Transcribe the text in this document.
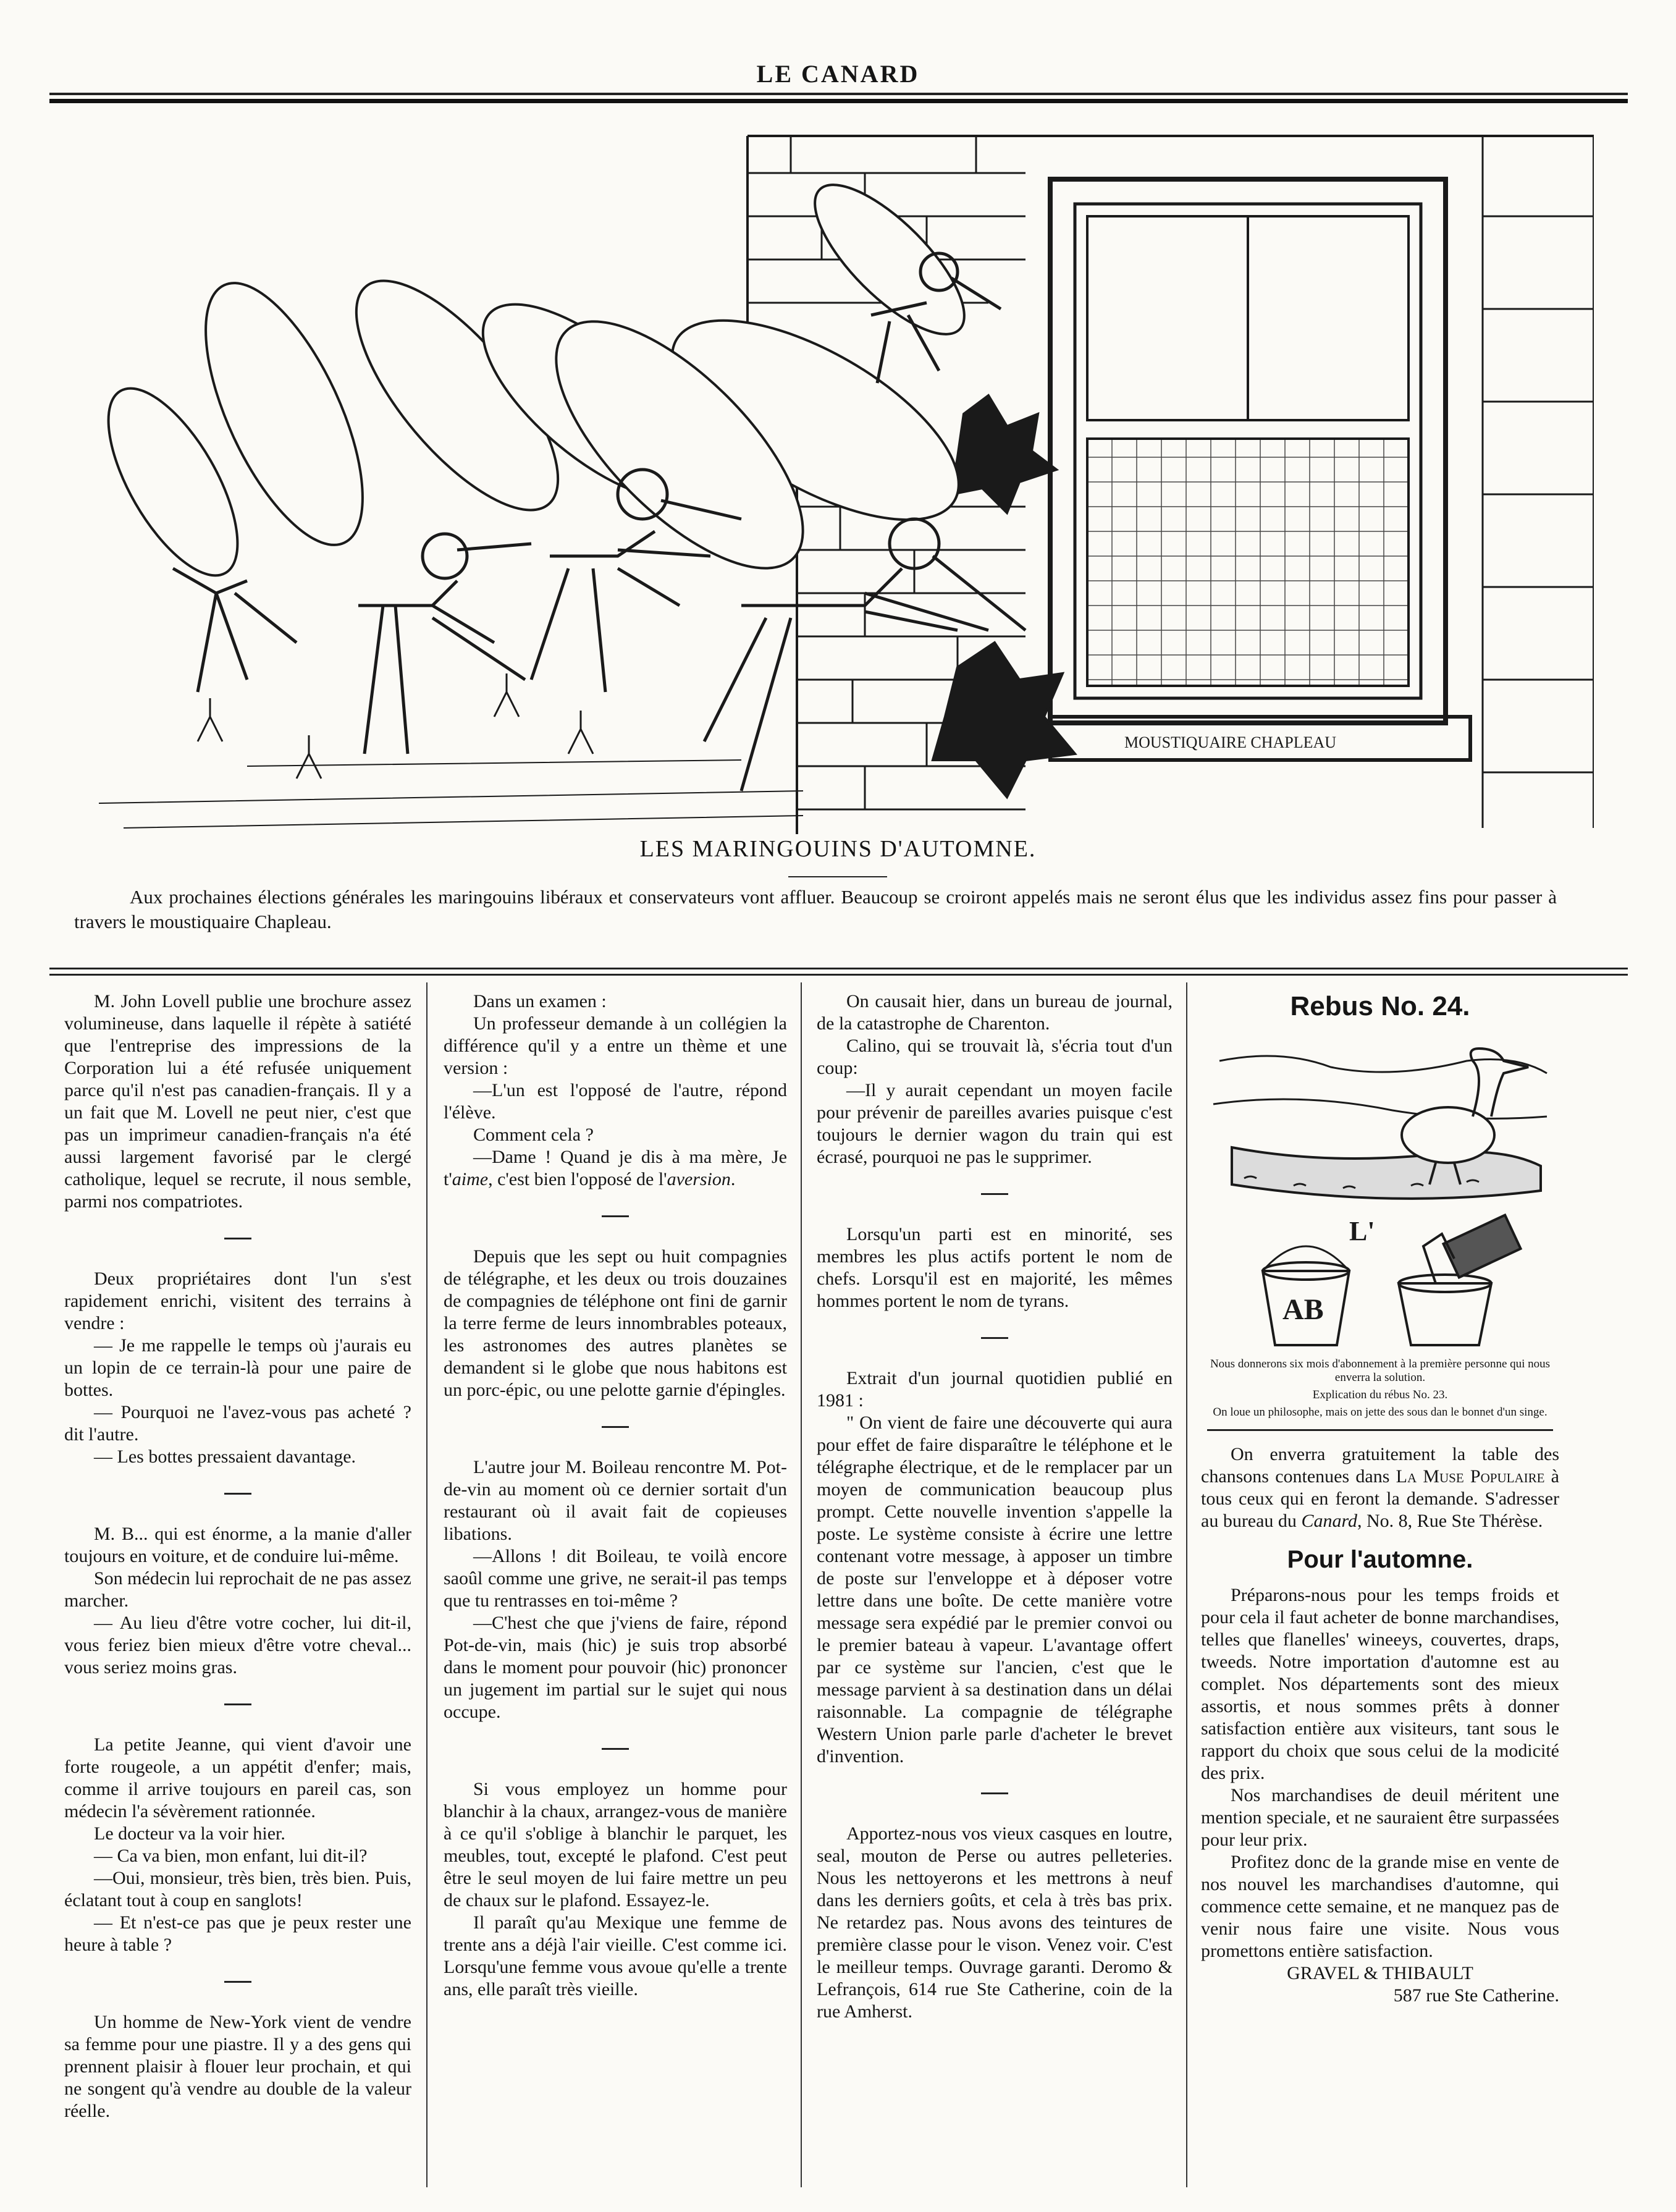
LE CANARD
MOUSTIQUAIRE CHAPLEAU
LES MARINGOUINS D'AUTOMNE.
Aux prochaines élections générales les maringouins libéraux et conservateurs vont affluer. Beaucoup se croiront appelés mais ne seront élus que les individus assez fins pour passer à travers le moustiquaire Chapleau.

M. John Lovell publie une brochure assez volumineuse, dans laquelle il répète à satiété que l'entreprise des impressions de la Corporation lui a été refusée uniquement parce qu'il n'est pas canadien-français. Il y a un fait que M. Lovell ne peut nier, c'est que pas un imprimeur canadien-français n'a été aussi largement favorisé par le clergé catholique, lequel se recrute, il nous semble, parmi nos compatriotes.

Deux propriétaires dont l'un s'est rapidement enrichi, visitent des terrains à vendre :

— Je me rappelle le temps où j'aurais eu un lopin de ce terrain-là pour une paire de bottes.

— Pourquoi ne l'avez-vous pas acheté ? dit l'autre.

— Les bottes pressaient davantage.

M. B... qui est énorme, a la manie d'aller toujours en voiture, et de conduire lui-même.

Son médecin lui reprochait de ne pas assez marcher.

— Au lieu d'être votre cocher, lui dit-il, vous feriez bien mieux d'être votre cheval... vous seriez moins gras.

La petite Jeanne, qui vient d'avoir une forte rougeole, a un appétit d'enfer; mais, comme il arrive toujours en pareil cas, son médecin l'a sévèrement rationnée.

Le docteur va la voir hier.

— Ca va bien, mon enfant, lui dit-il?

—Oui, monsieur, très bien, très bien. Puis, éclatant tout à coup en sanglots!

— Et n'est-ce pas que je peux rester une heure à table ?

Un homme de New-York vient de vendre sa femme pour une piastre. Il y a des gens qui prennent plaisir à flouer leur prochain, et qui ne songent qu'à vendre au double de la valeur réelle.

Dans un examen :

Un professeur demande à un collégien la différence qu'il y a entre un thème et une version :

—L'un est l'opposé de l'autre, répond l'élève.

Comment cela ?

—Dame ! Quand je dis à ma mère, Je t'aime, c'est bien l'opposé de l'aversion.

Depuis que les sept ou huit compagnies de télégraphe, et les deux ou trois douzaines de compagnies de téléphone ont fini de garnir la terre ferme de leurs innombrables poteaux, les astronomes des autres planètes se demandent si le globe que nous habitons est un porc-épic, ou une pelotte garnie d'épingles.

L'autre jour M. Boileau rencontre M. Pot-de-vin au moment où ce dernier sortait d'un restaurant où il avait fait de copieuses libations.

—Allons ! dit Boileau, te voilà encore saoûl comme une grive, ne serait-il pas temps que tu rentrasses en toi-même ?

—C'hest che que j'viens de faire, répond Pot-de-vin, mais (hic) je suis trop absorbé dans le moment pour pouvoir (hic) prononcer un jugement im partial sur le sujet qui nous occupe.

Si vous employez un homme pour blanchir à la chaux, arrangez-vous de manière à ce qu'il s'oblige à blanchir le parquet, les meubles, tout, excepté le plafond. C'est peut être le seul moyen de lui faire mettre un peu de chaux sur le plafond. Essayez-le.

Il paraît qu'au Mexique une femme de trente ans a déjà l'air vieille. C'est comme ici. Lorsqu'une femme vous avoue qu'elle a trente ans, elle paraît très vieille.

On causait hier, dans un bureau de journal, de la catastrophe de Charenton.

Calino, qui se trouvait là, s'écria tout d'un coup:

—Il y aurait cependant un moyen facile pour prévenir de pareilles avaries puisque c'est toujours le dernier wagon du train qui est écrasé, pourquoi ne pas le supprimer.

Lorsqu'un parti est en minorité, ses membres les plus actifs portent le nom de chefs. Lorsqu'il est en majorité, les mêmes hommes portent le nom de tyrans.

Extrait d'un journal quotidien publié en 1981 :

" On vient de faire une découverte qui aura pour effet de faire disparaître le téléphone et le télégraphe électrique, et de le remplacer par un moyen de communication beaucoup plus prompt. Cette nouvelle invention s'appelle la poste. Le système consiste à écrire une lettre contenant votre message, à apposer un timbre de poste sur l'enveloppe et à déposer votre lettre dans une boîte. De cette manière votre message sera expédié par le premier convoi ou le premier bateau à vapeur. L'avantage offert par ce système sur l'ancien, c'est que le message parvient à sa destination dans un délai raisonnable. La compagnie de télégraphe Western Union parle parle d'acheter le brevet d'invention.

Apportez-nous vos vieux casques en loutre, seal, mouton de Perse ou autres pelleteries. Nous les nettoyerons et les mettrons à neuf dans les derniers goûts, et cela à très bas prix. Ne retardez pas. Nous avons des teintures de première classe pour le vison. Venez voir. C'est le meilleur temps. Ouvrage garanti. Deromo & Lefrançois, 614 rue Ste Catherine, coin de la rue Amherst.

Rebus No. 24.
L'
AB

Nous donnerons six mois d'abonnement à la première personne qui nous enverra la solution.

Explication du rébus No. 23.

On loue un philosophe, mais on jette des sous dan le bonnet d'un singe.

On enverra gratuitement la table des chansons contenues dans La Muse Populaire à tous ceux qui en feront la demande. S'adresser au bureau du Canard, No. 8, Rue Ste Thérèse.

Pour l'automne.

Préparons-nous pour les temps froids et pour cela il faut acheter de bonne marchandises, telles que flanelles' wineeys, couvertes, draps, tweeds. Notre importation d'automne est au complet. Nos départements sont des mieux assortis, et nous sommes prêts à donner satisfaction entière aux visiteurs, tant sous le rapport du choix que sous celui de la modicité des prix.

Nos marchandises de deuil méritent une mention speciale, et ne sauraient être surpassées pour leur prix.

Profitez donc de la grande mise en vente de nos nouvel les marchandises d'automne, qui commence cette semaine, et ne manquez pas de venir nous faire une visite. Nous vous promettons entière satisfaction.

GRAVEL & THIBAULT

587 rue Ste Catherine.
